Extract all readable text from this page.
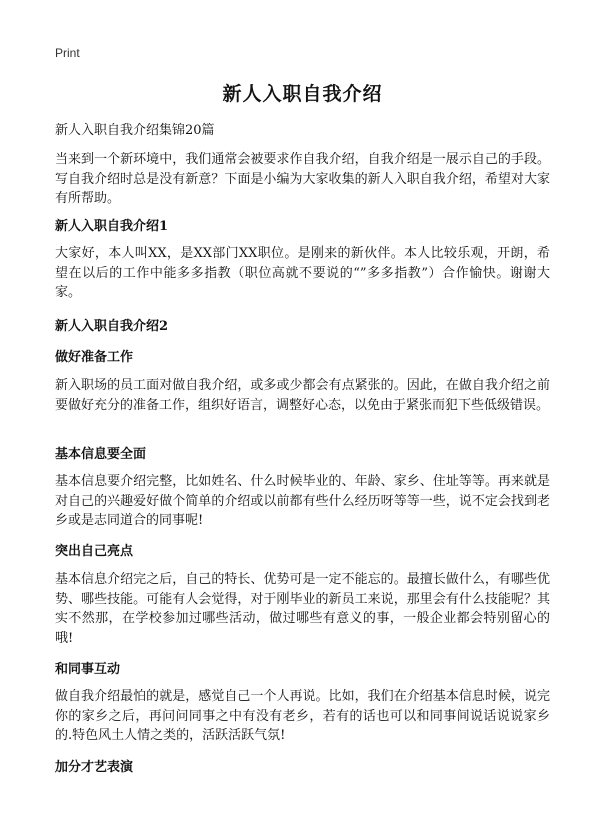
Print
新人入职自我介绍

新人入职自我介绍集锦20篇

当来到一个新环境中，我们通常会被要求作自我介绍，自我介绍是一展示自己的手段。写自我介绍时总是没有新意？下面是小编为大家收集的新人入职自我介绍，希望对大家有所帮助。

新人入职自我介绍1

大家好，本人叫XX，是XX部门XX职位。是刚来的新伙伴。本人比较乐观，开朗，希望在以后的工作中能多多指教（职位高就不要说的“”多多指教”）合作愉快。谢谢大家。

新人入职自我介绍2
做好准备工作

新入职场的员工面对做自我介绍，或多或少都会有点紧张的。因此，在做自我介绍之前要做好充分的准备工作，组织好语言，调整好心态，以免由于紧张而犯下些低级错误。

基本信息要全面

基本信息要介绍完整，比如姓名、什么时候毕业的、年龄、家乡、住址等等。再来就是对自己的兴趣爱好做个简单的介绍或以前都有些什么经历呀等等一些，说不定会找到老乡或是志同道合的同事呢!

突出自己亮点

基本信息介绍完之后，自己的特长、优势可是一定不能忘的。最擅长做什么，有哪些优势、哪些技能。可能有人会觉得，对于刚毕业的新员工来说，那里会有什么技能呢？其实不然那，在学校参加过哪些活动，做过哪些有意义的事，一般企业都会特别留心的哦!

和同事互动

做自我介绍最怕的就是，感觉自己一个人再说。比如，我们在介绍基本信息时候，说完你的家乡之后，再问问同事之中有没有老乡，若有的话也可以和同事间说话说说家乡的.特色风土人情之类的，活跃活跃气氛!

加分才艺表演
